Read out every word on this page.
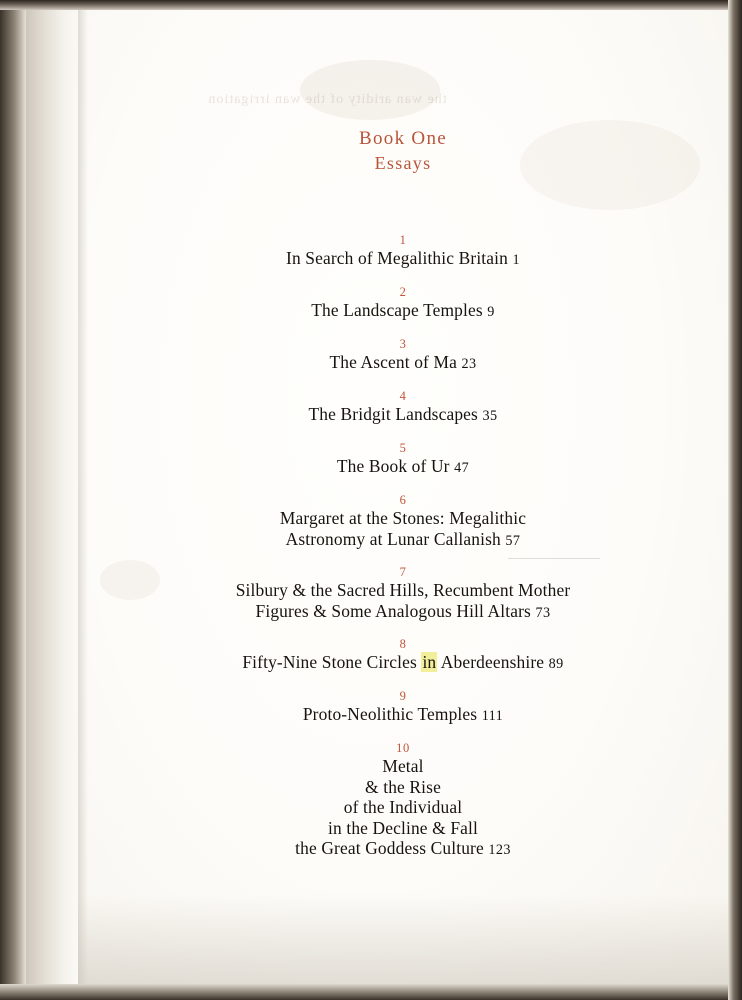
the wan aridity of the wan irrigation
Book One
Essays
1
In Search of Megalithic Britain 1
2
The Landscape Temples 9
3
The Ascent of Ma 23
4
The Bridgit Landscapes 35
5
The Book of Ur 47
6
Margaret at the Stones: Megalithic
Astronomy at Lunar Callanish 57
7
Silbury & the Sacred Hills, Recumbent Mother
Figures & Some Analogous Hill Altars 73
8
Fifty-Nine Stone Circles in Aberdeenshire 89
9
Proto-Neolithic Temples 111
10
Metal
& the Rise
of the Individual
in the Decline & Fall
the Great Goddess Culture 123
